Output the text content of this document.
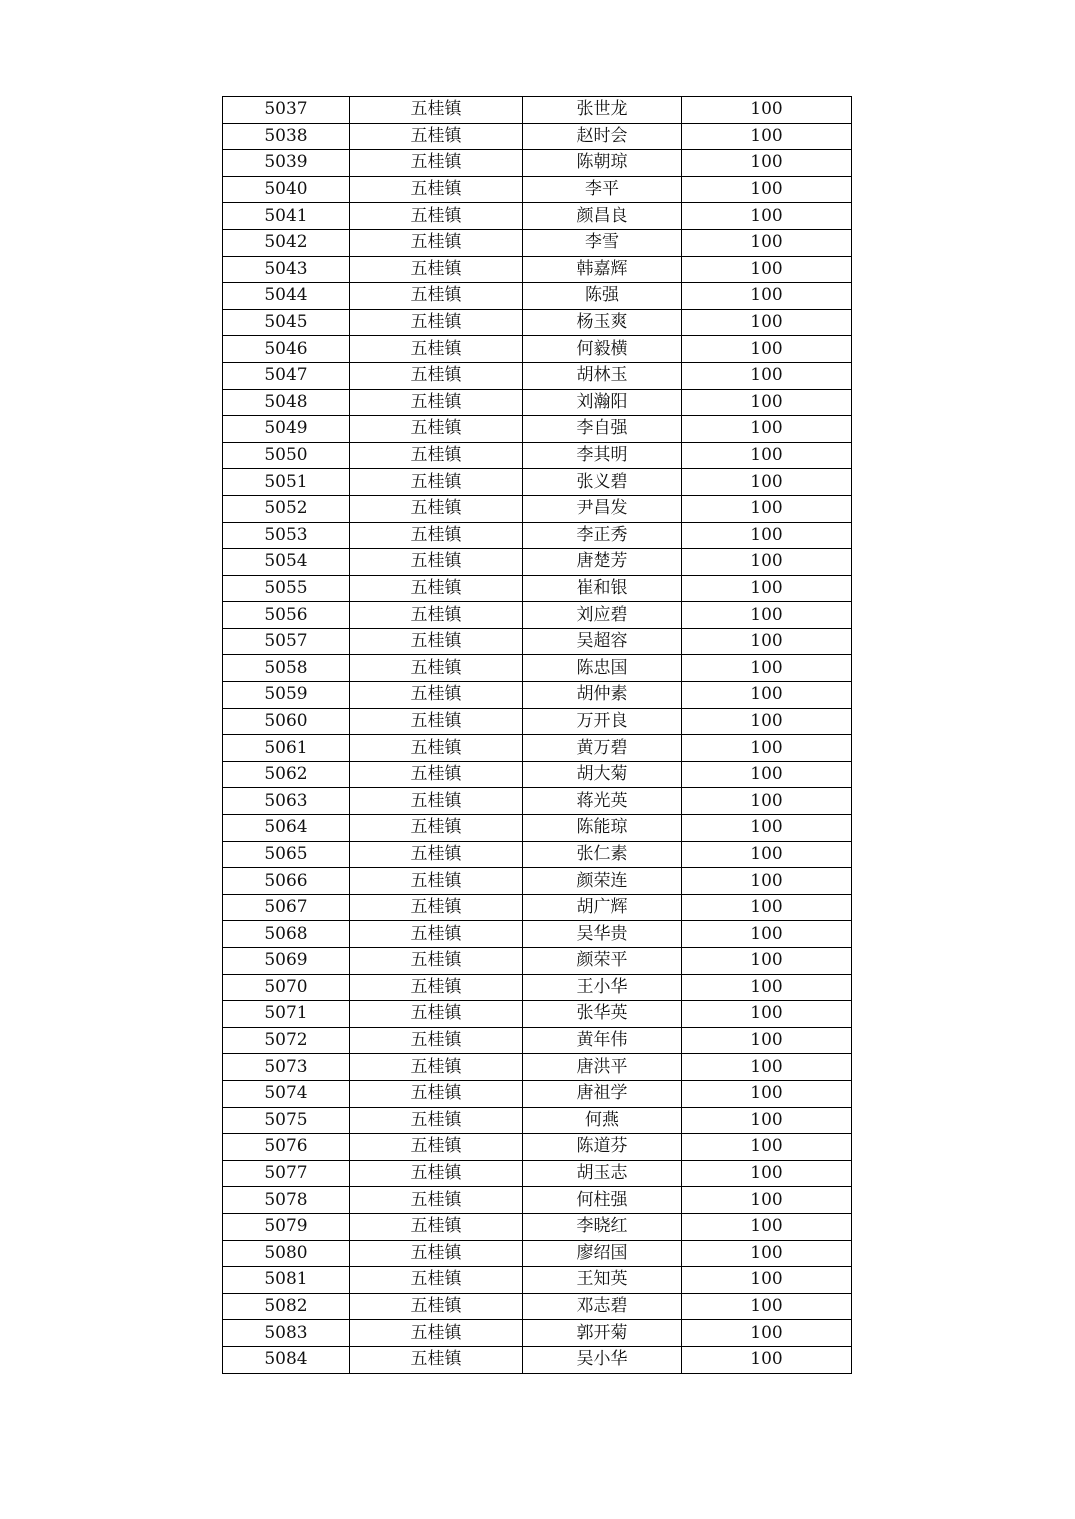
5037	五桂镇	张世龙	100
5038	五桂镇	赵时会	100
5039	五桂镇	陈朝琼	100
5040	五桂镇	李平	100
5041	五桂镇	颜昌良	100
5042	五桂镇	李雪	100
5043	五桂镇	韩嘉辉	100
5044	五桂镇	陈强	100
5045	五桂镇	杨玉爽	100
5046	五桂镇	何毅横	100
5047	五桂镇	胡林玉	100
5048	五桂镇	刘瀚阳	100
5049	五桂镇	李自强	100
5050	五桂镇	李其明	100
5051	五桂镇	张义碧	100
5052	五桂镇	尹昌发	100
5053	五桂镇	李正秀	100
5054	五桂镇	唐楚芳	100
5055	五桂镇	崔和银	100
5056	五桂镇	刘应碧	100
5057	五桂镇	吴超容	100
5058	五桂镇	陈忠国	100
5059	五桂镇	胡仲素	100
5060	五桂镇	万开良	100
5061	五桂镇	黄万碧	100
5062	五桂镇	胡大菊	100
5063	五桂镇	蒋光英	100
5064	五桂镇	陈能琼	100
5065	五桂镇	张仁素	100
5066	五桂镇	颜荣连	100
5067	五桂镇	胡广辉	100
5068	五桂镇	吴华贵	100
5069	五桂镇	颜荣平	100
5070	五桂镇	王小华	100
5071	五桂镇	张华英	100
5072	五桂镇	黄年伟	100
5073	五桂镇	唐洪平	100
5074	五桂镇	唐祖学	100
5075	五桂镇	何燕	100
5076	五桂镇	陈道芬	100
5077	五桂镇	胡玉志	100
5078	五桂镇	何柱强	100
5079	五桂镇	李晓红	100
5080	五桂镇	廖绍国	100
5081	五桂镇	王知英	100
5082	五桂镇	邓志碧	100
5083	五桂镇	郭开菊	100
5084	五桂镇	吴小华	100
